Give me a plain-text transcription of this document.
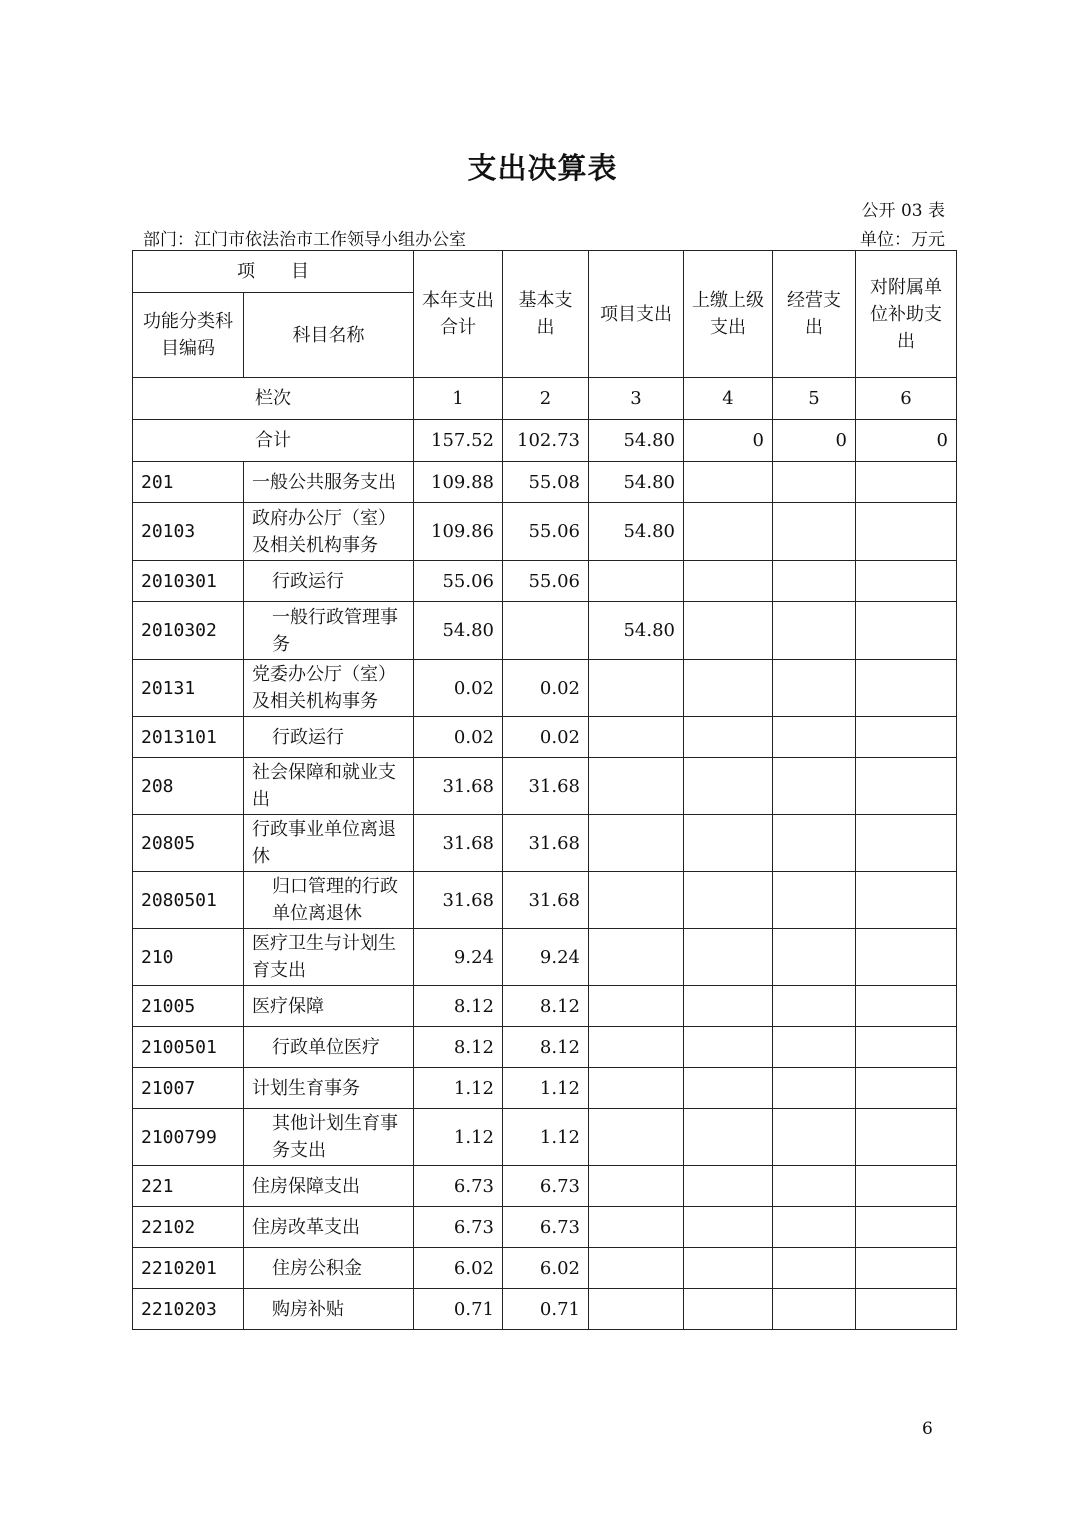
支出决算表
公开 03 表
部门：江门市依法治市工作领导小组办公室	单位：万元
项　　目		本年支出合计	基本支出	项目支出	上缴上级支出	经营支出	对附属单位补助支出
功能分类科目编码	科目名称						
栏次		1	2	3	4	5	6
合计		157.52	102.73	54.80	0	0	0
201	一般公共服务支出	109.88	55.08	54.80			
20103	政府办公厅（室）及相关机构事务	109.86	55.06	54.80			
2010301	行政运行	55.06	55.06				
2010302	一般行政管理事务	54.80		54.80			
20131	党委办公厅（室）及相关机构事务	0.02	0.02				
2013101	行政运行	0.02	0.02				
208	社会保障和就业支出	31.68	31.68				
20805	行政事业单位离退休	31.68	31.68				
2080501	归口管理的行政单位离退休	31.68	31.68				
210	医疗卫生与计划生育支出	9.24	9.24				
21005	医疗保障	8.12	8.12				
2100501	行政单位医疗	8.12	8.12				
21007	计划生育事务	1.12	1.12				
2100799	其他计划生育事务支出	1.12	1.12				
221	住房保障支出	6.73	6.73				
22102	住房改革支出	6.73	6.73				
2210201	住房公积金	6.02	6.02				
2210203	购房补贴	0.71	0.71				
6
